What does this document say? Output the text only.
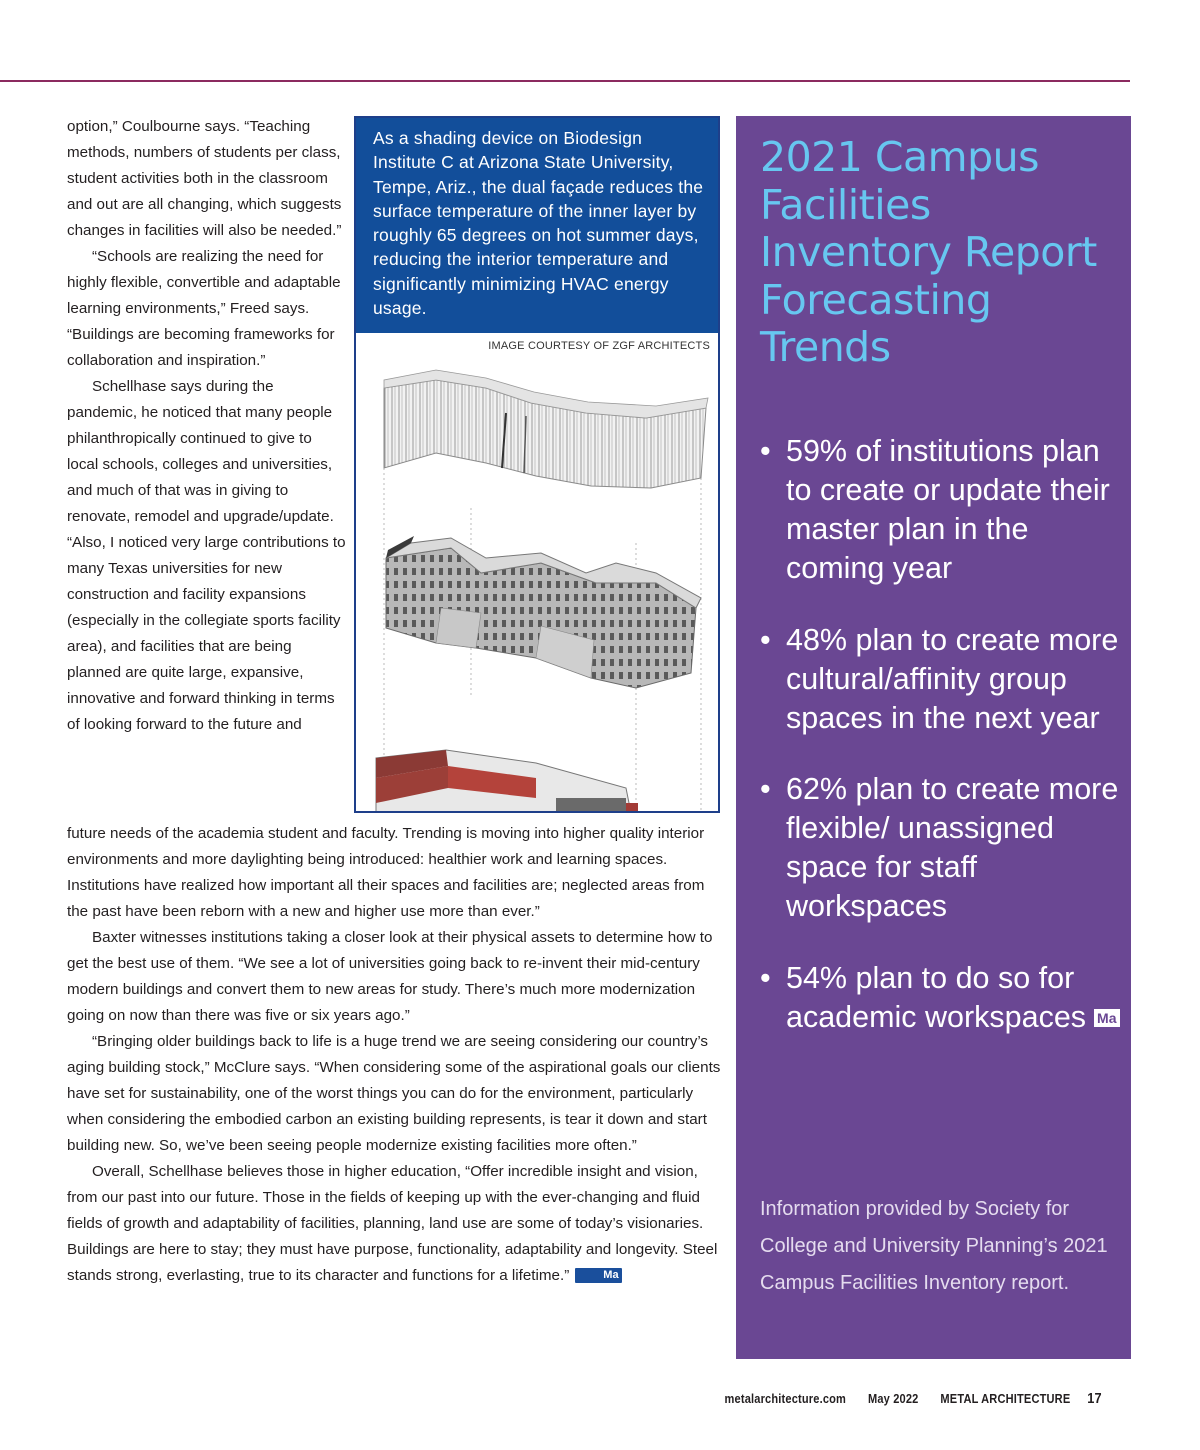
option,” Coulbourne says. “Teaching methods, numbers of students per class, student activities both in the classroom and out are all changing, which suggests changes in facilities will also be needed.”

“Schools are realizing the need for highly flexible, convertible and adaptable learning environments,” Freed says. “Buildings are becoming frameworks for collaboration and inspiration.”

Schellhase says during the pandemic, he noticed that many people philanthropically continued to give to local schools, colleges and universities, and much of that was in giving to renovate, remodel and upgrade/update. “Also, I noticed very large contributions to many Texas universities for new construction and facility expansions (especially in the collegiate sports facility area), and facilities that are being planned are quite large, expansive, innovative and forward thinking in terms of looking forward to the future and

As a shading device on Biodesign Institute C at Arizona State University, Tempe, Ariz., the dual façade reduces the surface temperature of the inner layer by roughly 65 degrees on hot summer days, reducing the interior temperature and significantly minimizing HVAC energy usage.
IMAGE COURTESY OF ZGF ARCHITECTS

future needs of the academia student and faculty. Trending is moving into higher quality interior environments and more daylighting being introduced: healthier work and learning spaces. Institutions have realized how important all their spaces and facilities are; neglected areas from the past have been reborn with a new and higher use more than ever.”

Baxter witnesses institutions taking a closer look at their physical assets to determine how to get the best use of them. “We see a lot of universities going back to re-invent their mid-century modern buildings and convert them to new areas for study. There’s much more modernization going on now than there was five or six years ago.”

“Bringing older buildings back to life is a huge trend we are seeing considering our country’s aging building stock,” McClure says. “When considering some of the aspirational goals our clients have set for sustainability, one of the worst things you can do for the environment, particularly when considering the embodied carbon an existing building represents, is tear it down and start building new. So, we’ve been seeing people modernize existing facilities more often.”

Overall, Schellhase believes those in higher education, “Offer incredible insight and vision, from our past into our future. Those in the fields of keeping up with the ever-changing and fluid fields of growth and adaptability of facilities, planning, land use are some of today’s visionaries. Buildings are here to stay; they must have purpose, functionality, adaptability and longevity. Steel stands strong, everlasting, true to its character and functions for a lifetime.”	Ma

2021 Campus Facilities Inventory Report Forecasting Trends
• 59% of institutions plan to create or update their master plan in the coming year
• 48% plan to create more cultural/affinity group spaces in the next year
• 62% plan to create more flexible/ unassigned space for staff workspaces
• 54% plan to do so for academic workspaces Ma

Information provided by Society for College and University Planning’s 2021 Campus Facilities Inventory report.

metalarchitecture.com May 2022 METAL ARCHITECTURE 17
